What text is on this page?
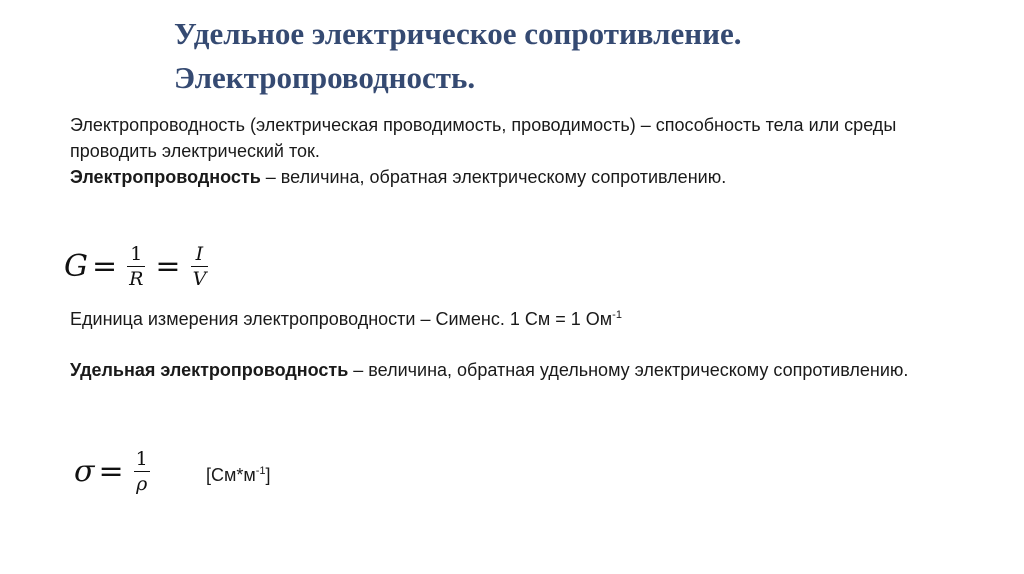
Удельное электрическое сопротивление.
Электропроводность.
Электропроводность (электрическая проводимость, проводимость) – способность тела или среды проводить электрический ток.
Электропроводность – величина, обратная электрическому сопротивлению.
$G = \frac{1}{R} = \frac{I}{V}$
Единица измерения электропроводности – Сименс. 1 См = 1 $Ом^{-1}$
Удельная электропроводность – величина, обратная удельному электрическому сопротивлению.
$\sigma = \frac{1}{\rho}$	$[См*м^{-1}]$
